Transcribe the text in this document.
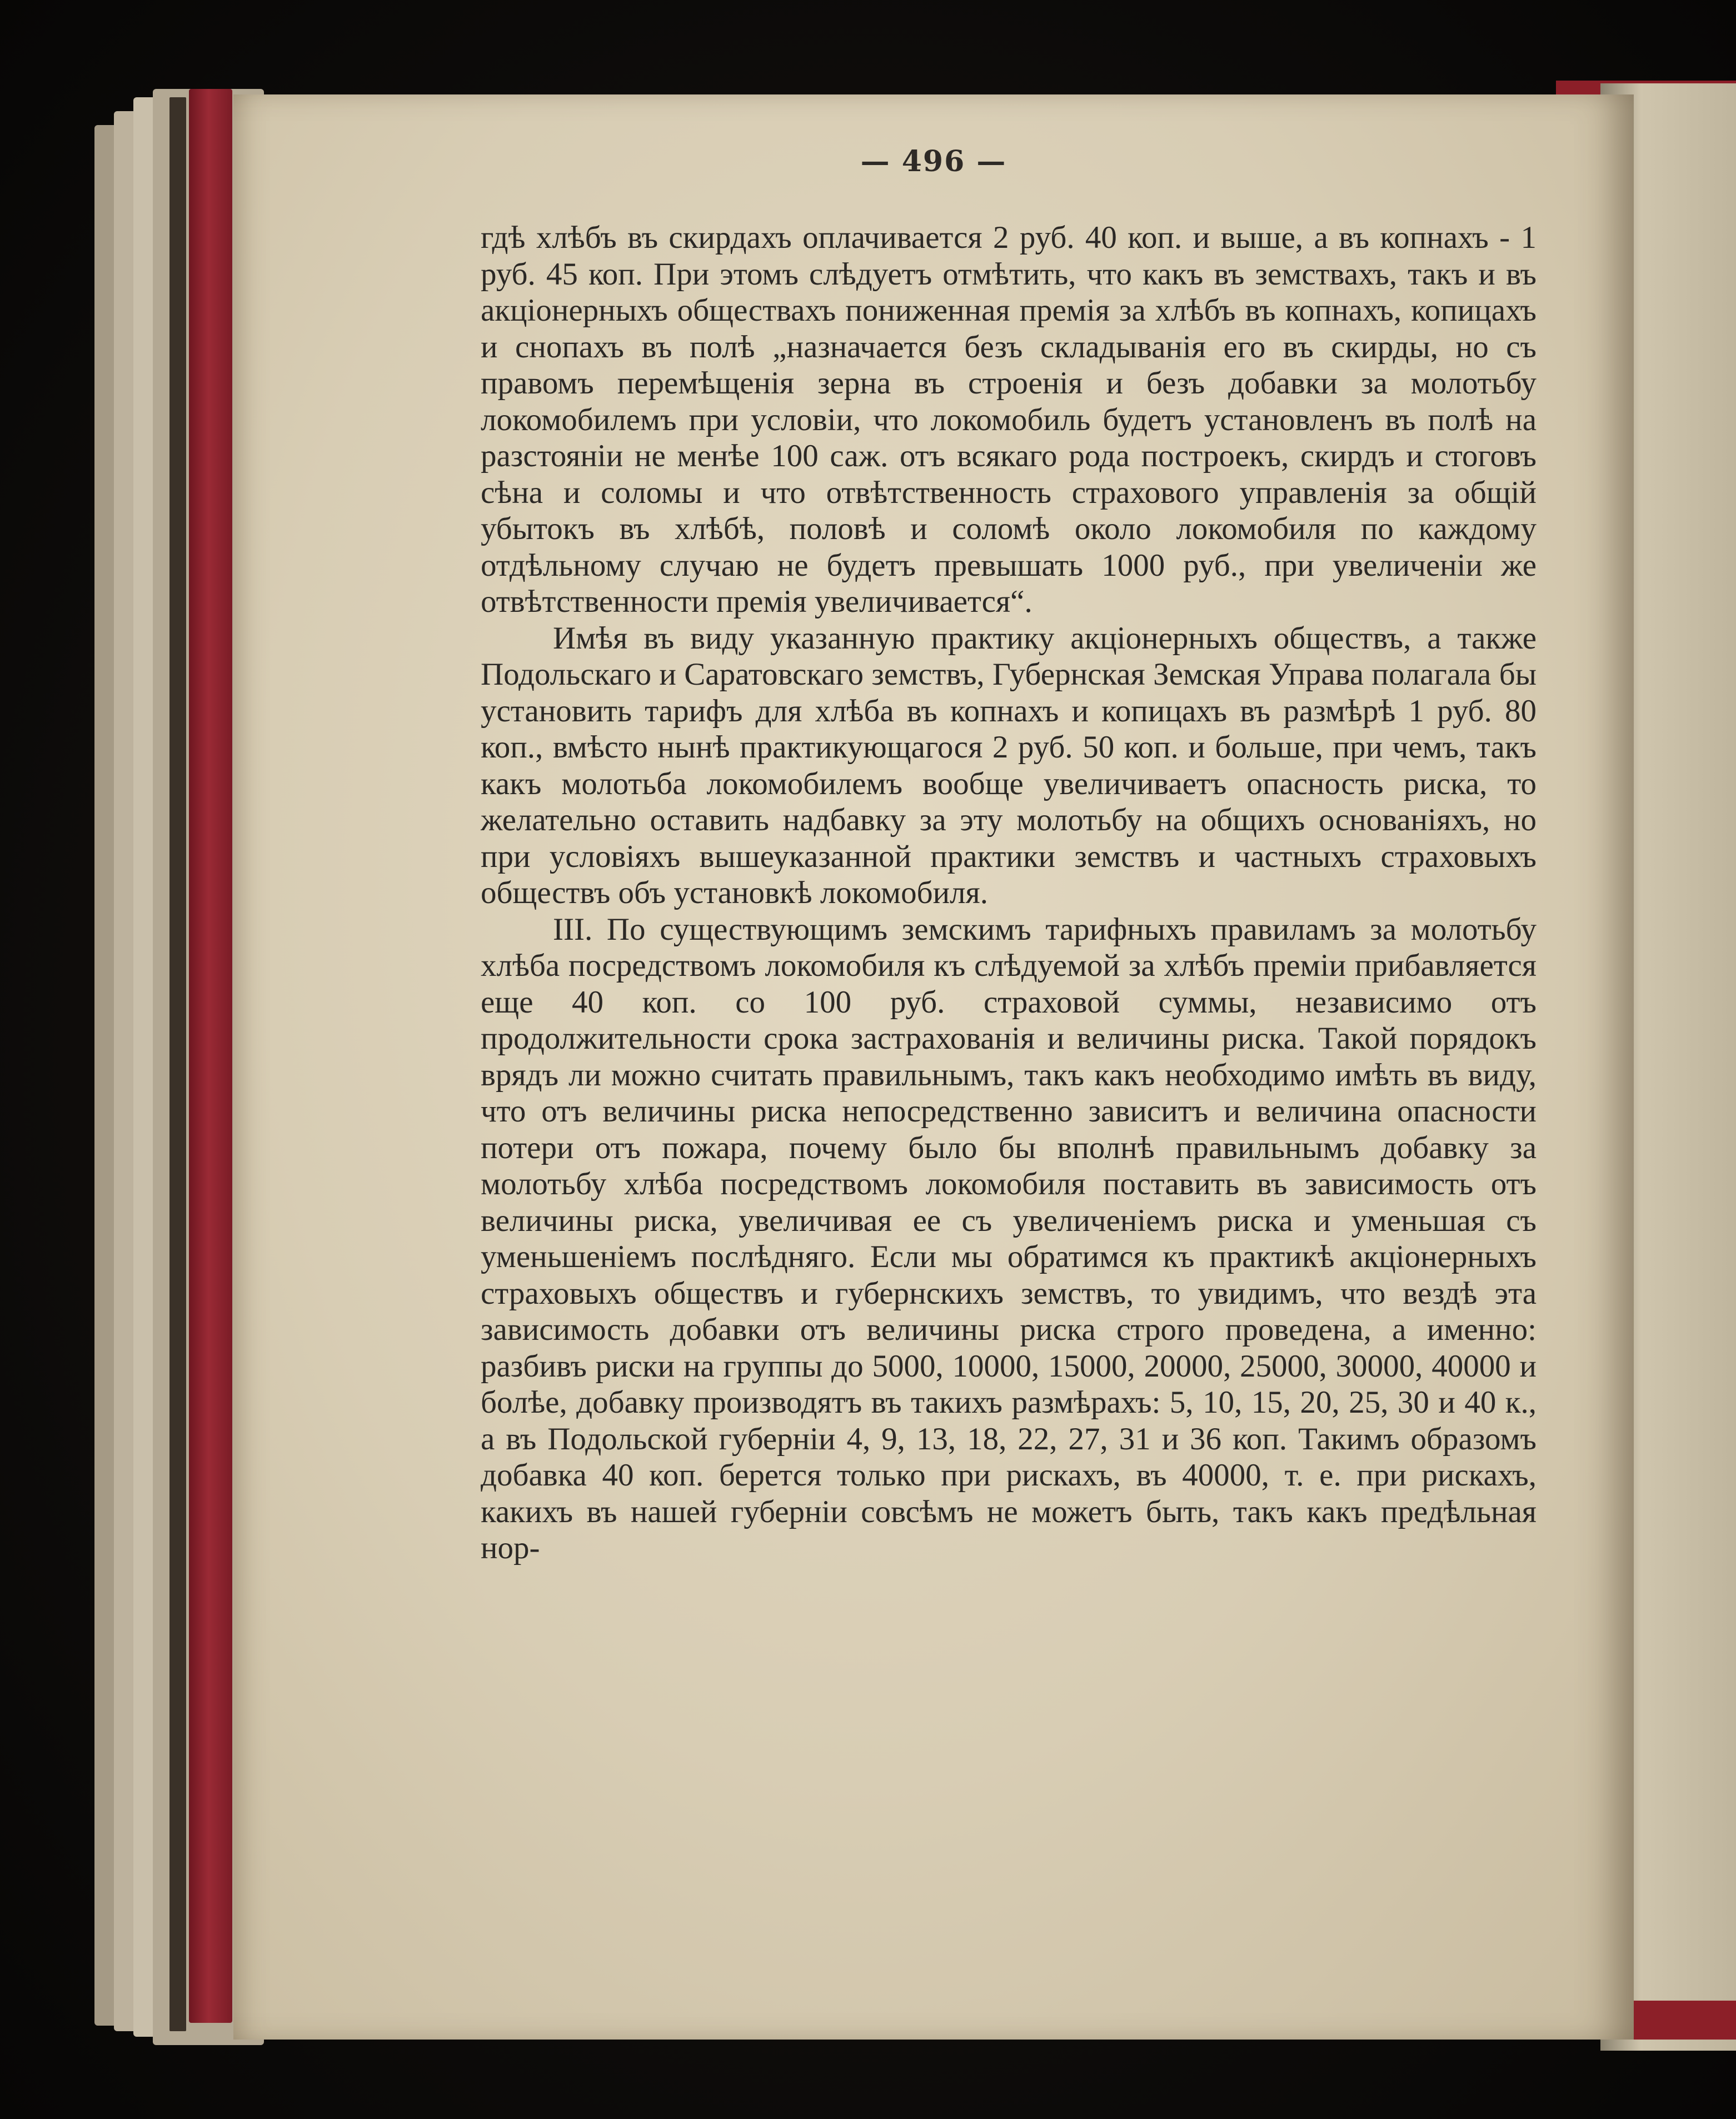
— 496 —

гдѣ хлѣбъ въ скирдахъ оплачивается 2 руб. 40 коп. и выше, а въ копнахъ - 1 руб. 45 коп. При этомъ слѣдуетъ отмѣтить, что какъ въ земствахъ, такъ и въ акціонерныхъ обществахъ пониженная премія за хлѣбъ въ копнахъ, копицахъ и снопахъ въ полѣ „назначается безъ складыванія его въ скирды, но съ правомъ перемѣщенія зерна въ строенія и безъ добавки за молотьбу локомобилемъ при условіи, что локомобиль будетъ установленъ въ полѣ на разстояніи не менѣе 100 саж. отъ всякаго рода построекъ, скирдъ и стоговъ сѣна и соломы и что отвѣтственность страхового управленія за общій убытокъ въ хлѣбѣ, половѣ и соломѣ около локомобиля по каждому отдѣльному случаю не будетъ превышать 1000 руб., при увеличеніи же отвѣтственности премія увеличивается“.

Имѣя въ виду указанную практику акціонерныхъ обществъ, а также Подольскаго и Саратовскаго земствъ, Губернская Земская Управа полагала бы установить тарифъ для хлѣба въ копнахъ и копицахъ въ размѣрѣ 1 руб. 80 коп., вмѣсто нынѣ практикующагося 2 руб. 50 коп. и больше, при чемъ, такъ какъ молотьба локомобилемъ вообще увеличиваетъ опасность риска, то желательно оставить надбавку за эту молотьбу на общихъ основаніяхъ, но при условіяхъ вышеуказанной практики земствъ и частныхъ страховыхъ обществъ объ установкѣ локомобиля.

III. По существующимъ земскимъ тарифныхъ правиламъ за молотьбу хлѣба посредствомъ локомобиля къ слѣдуемой за хлѣбъ преміи прибавляется еще 40 коп. со 100 руб. страховой суммы, независимо отъ продолжительности срока застрахованія и величины риска. Такой порядокъ врядъ ли можно считать правильнымъ, такъ какъ необходимо имѣть въ виду, что отъ величины риска непосредственно зависитъ и величина опасности потери отъ пожара, почему было бы вполнѣ правильнымъ добавку за молотьбу хлѣба посредствомъ локомобиля поставить въ зависимость отъ величины риска, увеличивая ее съ увеличеніемъ риска и уменьшая съ уменьшеніемъ послѣдняго. Если мы обратимся къ практикѣ акціонерныхъ страховыхъ обществъ и губернскихъ земствъ, то увидимъ, что вездѣ эта зависимость добавки отъ величины риска строго проведена, а именно: разбивъ риски на группы до 5000, 10000, 15000, 20000, 25000, 30000, 40000 и болѣе, добавку производятъ въ такихъ размѣрахъ: 5, 10, 15, 20, 25, 30 и 40 к., а въ Подольской губерніи 4, 9, 13, 18, 22, 27, 31 и 36 коп. Такимъ образомъ добавка 40 коп. берется только при рискахъ, въ 40000, т. е. при рискахъ, какихъ въ нашей губерніи совсѣмъ не можетъ быть, такъ какъ предѣльная нор-
